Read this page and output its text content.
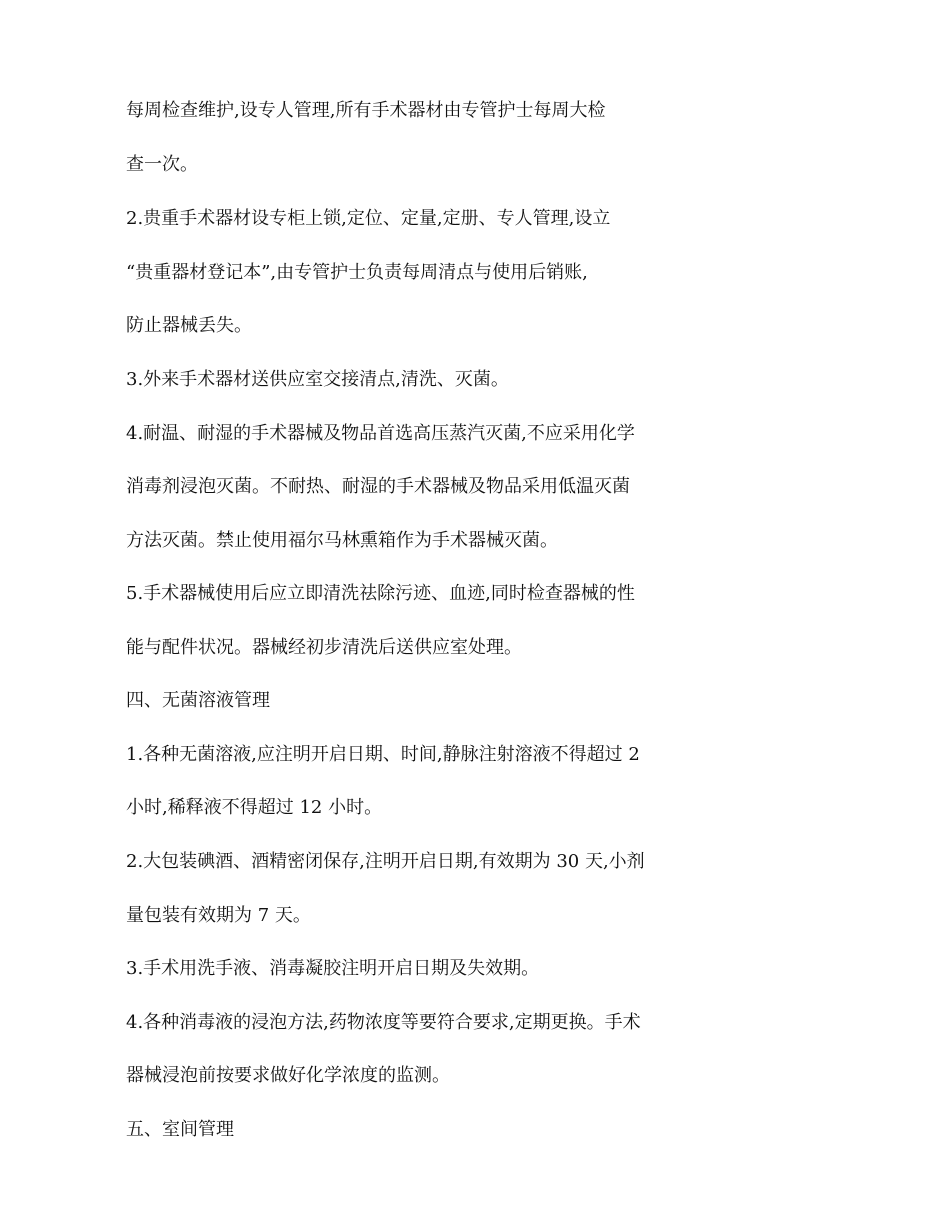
每周检查维护,设专人管理,所有手术器材由专管护士每周大检

查一次。

2.贵重手术器材设专柜上锁,定位、定量,定册、专人管理,设立

“贵重器材登记本”,由专管护士负责每周清点与使用后销账,

防止器械丢失。

3.外来手术器材送供应室交接清点,清洗、灭菌。

4.耐温、耐湿的手术器械及物品首选高压蒸汽灭菌,不应采用化学

消毒剂浸泡灭菌。不耐热、耐湿的手术器械及物品采用低温灭菌

方法灭菌。禁止使用福尔马林熏箱作为手术器械灭菌。

5.手术器械使用后应立即清洗祛除污迹、血迹,同时检查器械的性

能与配件状况。器械经初步清洗后送供应室处理。

四、无菌溶液管理

1.各种无菌溶液,应注明开启日期、时间,静脉注射溶液不得超过 2

小时,稀释液不得超过 12 小时。

2.大包装碘酒、酒精密闭保存,注明开启日期,有效期为 30 天,小剂

量包装有效期为 7 天。

3.手术用洗手液、消毒凝胶注明开启日期及失效期。

4.各种消毒液的浸泡方法,药物浓度等要符合要求,定期更换。手术

器械浸泡前按要求做好化学浓度的监测。

五、室间管理
